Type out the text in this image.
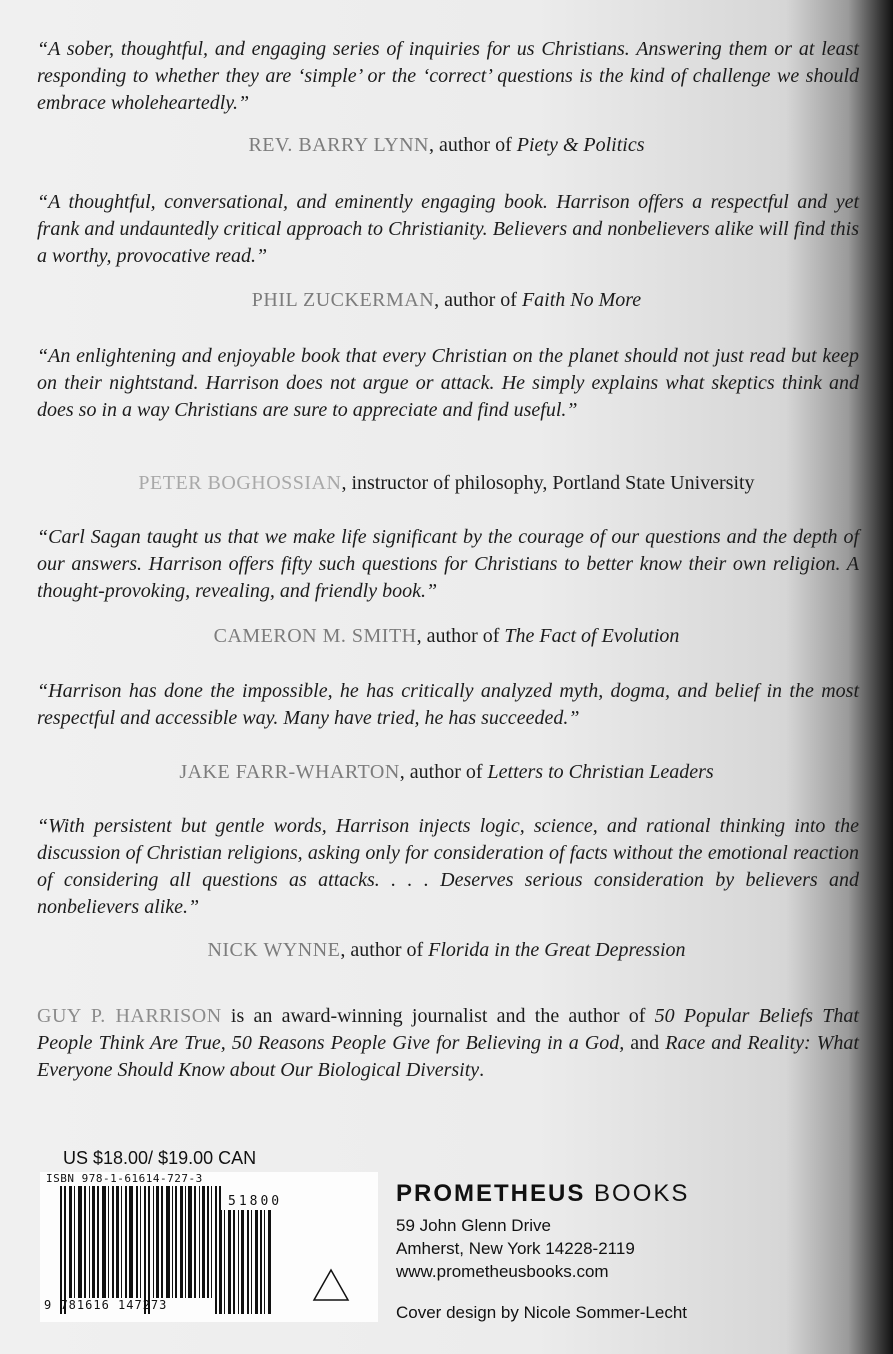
“A sober, thoughtful, and engaging series of inquiries for us Christians. Answering them or at least responding to whether they are ‘simple’ or the ‘correct’ questions is the kind of challenge we should embrace wholeheartedly.”
REV. BARRY LYNN, author of Piety & Politics
“A thoughtful, conversational, and eminently engaging book. Harrison offers a respectful and yet frank and undauntedly critical approach to Christianity. Believers and nonbelievers alike will find this a worthy, provocative read.”
PHIL ZUCKERMAN, author of Faith No More
“An enlightening and enjoyable book that every Christian on the planet should not just read but keep on their nightstand. Harrison does not argue or attack. He simply explains what skeptics think and does so in a way Christians are sure to appreciate and find useful.”
PETER BOGHOSSIAN, instructor of philosophy, Portland State University
“Carl Sagan taught us that we make life significant by the courage of our questions and the depth of our answers. Harrison offers fifty such questions for Christians to better know their own religion. A thought-provoking, revealing, and friendly book.”
CAMERON M. SMITH, author of The Fact of Evolution
“Harrison has done the impossible, he has critically analyzed myth, dogma, and belief in the most respectful and accessible way. Many have tried, he has succeeded.”
JAKE FARR-WHARTON, author of Letters to Christian Leaders
“With persistent but gentle words, Harrison injects logic, science, and rational thinking into the discussion of Christian religions, asking only for consideration of facts without the emotional reaction of considering all questions as attacks. . . . Deserves serious consideration by believers and nonbelievers alike.”
NICK WYNNE, author of Florida in the Great Depression
GUY P. HARRISON is an award-winning journalist and the author of 50 Popular Beliefs That People Think Are True, 50 Reasons People Give for Believing in a God, and Race and Reality: What Everyone Should Know about Our Biological Diversity.
US $18.00/ $19.00 CAN
ISBN 978-1-61614-727-3
51800
9 781616 147273
PROMETHEUS BOOKS
59 John Glenn Drive
Amherst, New York 14228-2119
www.prometheusbooks.com
Cover design by Nicole Sommer-Lecht
